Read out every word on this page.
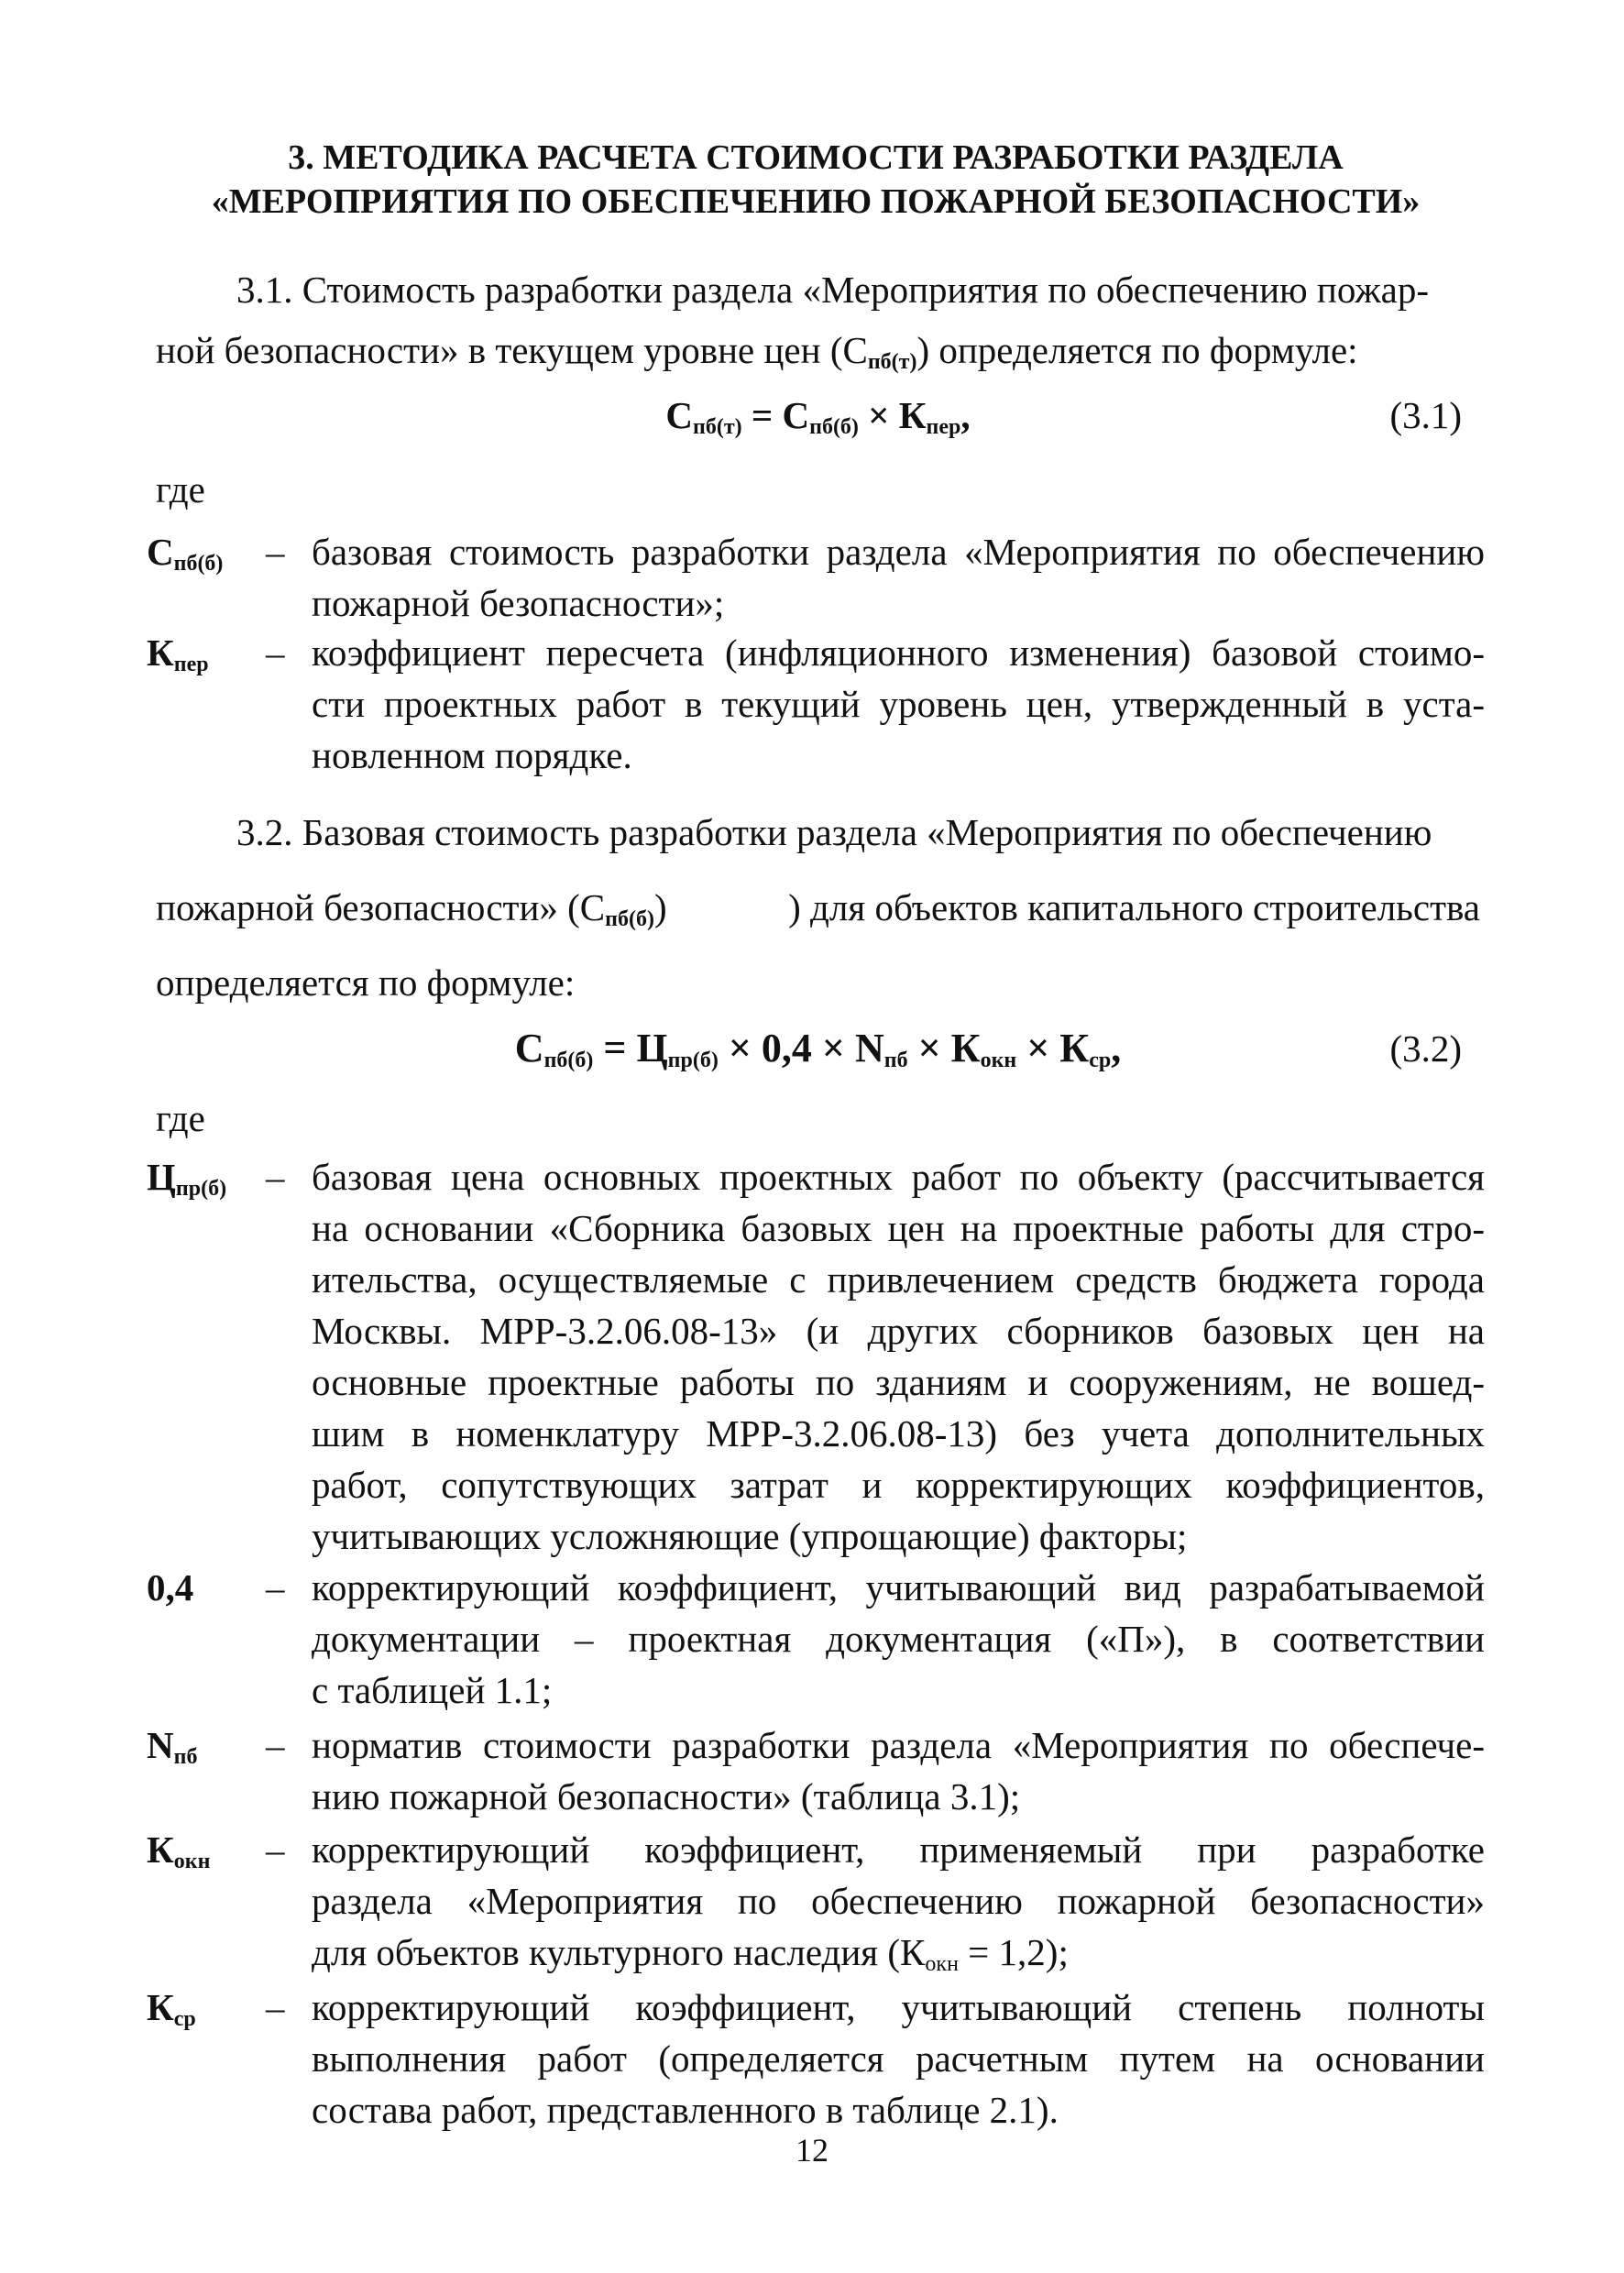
3. МЕТОДИКА РАСЧЕТА СТОИМОСТИ РАЗРАБОТКИ РАЗДЕЛА
«МЕРОПРИЯТИЯ ПО ОБЕСПЕЧЕНИЮ ПОЖАРНОЙ БЕЗОПАСНОСТИ»
3.1. Стоимость разработки раздела «Мероприятия по обеспечению пожар-
ной безопасности» в текущем уровне цен $(С_{пб(т)})$ определяется по формуле:
$С_{пб(т)} = С_{пб(б)} \times К_{пер}$,	(3.1)
где
$С_{пб(б)}$ – базовая стоимость разработки раздела «Мероприятия по обеспечению
пожарной безопасности»;
$К_{пер}$ – коэффициент пересчета (инфляционного изменения) базовой стоимо-
сти проектных работ в текущий уровень цен, утвержденный в уста-
новленном порядке.
3.2. Базовая стоимость разработки раздела «Мероприятия по обеспечению
пожарной безопасности» $(С_{пб(б)})$	) для объектов капитального строительства
определяется по формуле:
$С_{пб(б)} = Ц_{пр(б)} \times 0,4 \times N_{пб} \times К_{окн} \times К_{ср}$,	(3.2)
где
$Ц_{пр(б)}$ – базовая цена основных проектных работ по объекту (рассчитывается
на основании «Сборника базовых цен на проектные работы для стро-
ительства, осуществляемые с привлечением средств бюджета города
Москвы. МРР-3.2.06.08-13» (и других сборников базовых цен на
основные проектные работы по зданиям и сооружениям, не вошед-
шим в номенклатуру МРР-3.2.06.08-13) без учета дополнительных
работ, сопутствующих затрат и корректирующих коэффициентов,
учитывающих усложняющие (упрощающие) факторы;
0,4 – корректирующий коэффициент, учитывающий вид разрабатываемой
документации – проектная документация («П»), в соответствии
с таблицей 1.1;
$N_{пб}$ – норматив стоимости разработки раздела «Мероприятия по обеспече-
нию пожарной безопасности» (таблица 3.1);
$К_{окн}$ – корректирующий коэффициент, применяемый при разработке
раздела «Мероприятия по обеспечению пожарной безопасности»
для объектов культурного наследия $(К_{окн} = 1,2)$;
$К_{ср}$ – корректирующий коэффициент, учитывающий степень полноты
выполнения работ (определяется расчетным путем на основании
состава работ, представленного в таблице 2.1).
12
